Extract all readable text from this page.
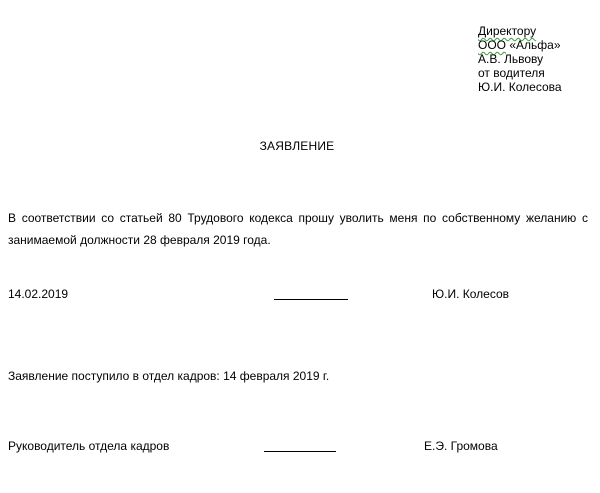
Директору
ООО «Альфа»
А.В. Львову
от водителя
Ю.И. Колесова
ЗАЯВЛЕНИЕ
В соответствии со статьей 80 Трудового кодекса прошу уволить меня по собственному желанию с занимаемой должности 28 февраля 2019 года.
14.02.2019	Ю.И. Колесов
Заявление поступило в отдел кадров: 14 февраля 2019 г.
Руководитель отдела кадров	Е.Э. Громова
